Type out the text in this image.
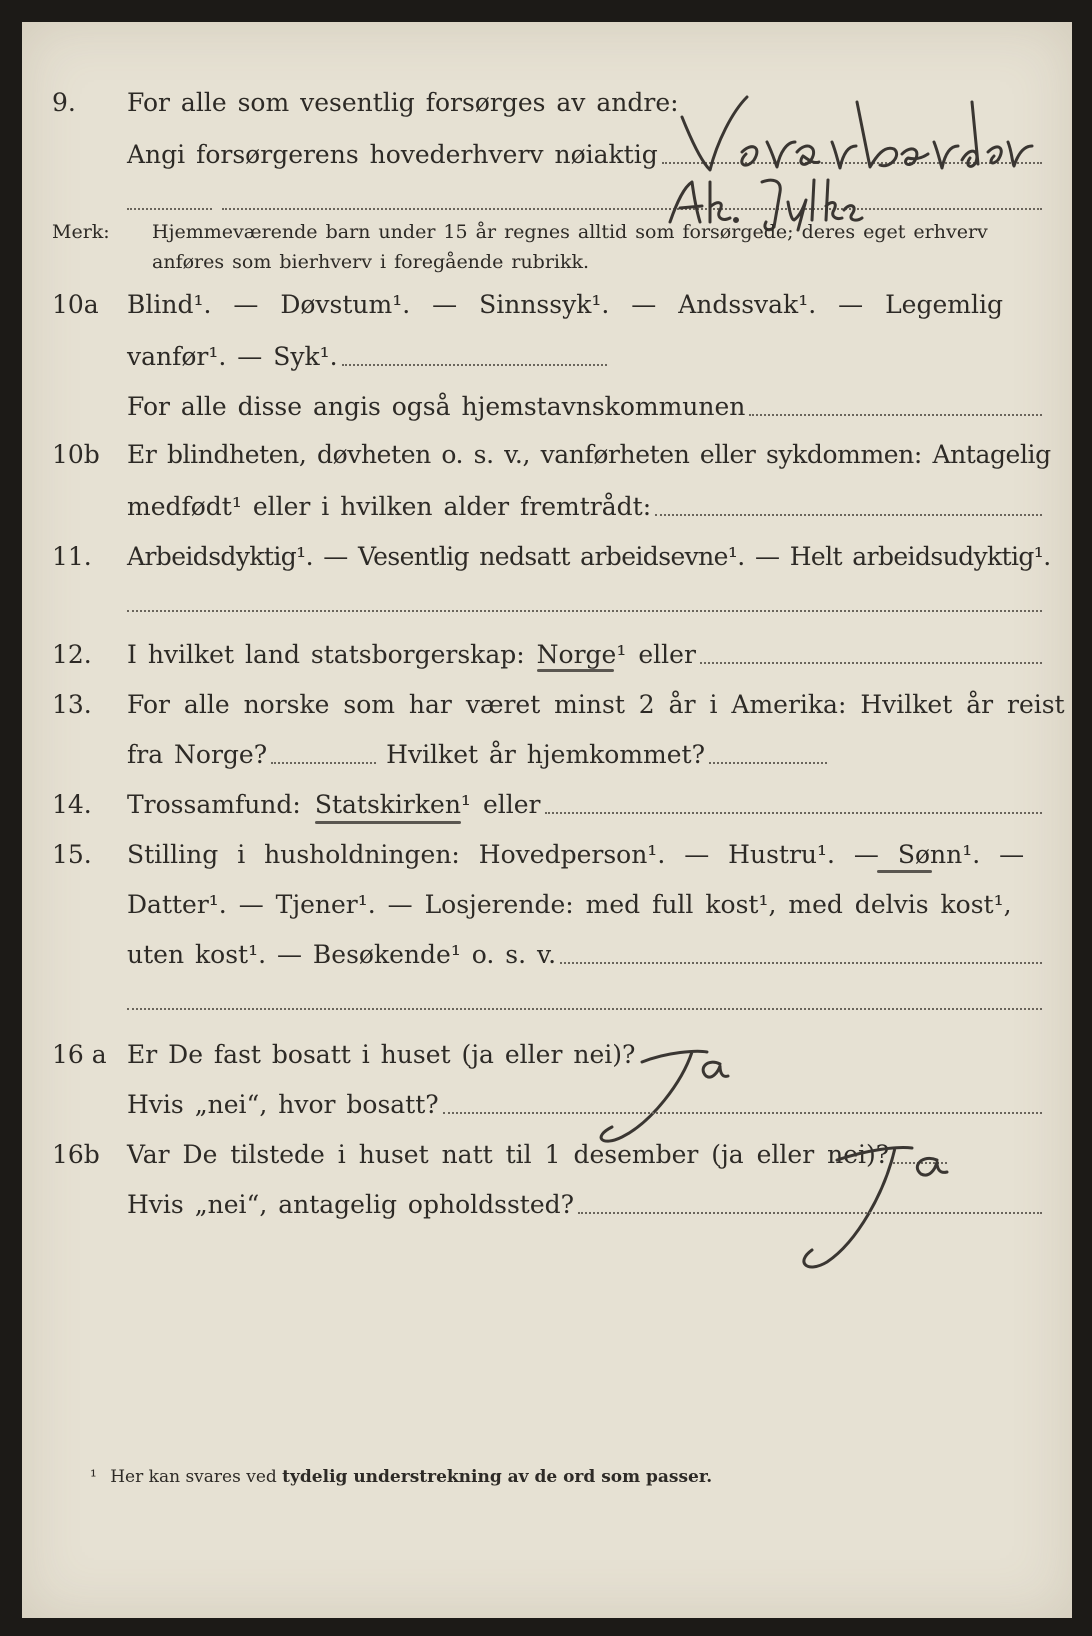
9. For alle som vesentlig forsørges av andre:
Angi forsørgerens hovederhverv nøiaktig
Merk: Hjemmeværende barn under 15 år regnes alltid som forsørgede; deres eget erhverv
anføres som bierhverv i foregående rubrikk.
10a Blind¹. — Døvstum¹. — Sinnssyk¹. — Andssvak¹. — Legemlig
vanfør¹. — Syk¹.
For alle disse angis også hjemstavnskommunen
10b Er blindheten, døvheten o. s. v., vanførheten eller sykdommen: Antagelig
medfødt¹ eller i hvilken alder fremtrådt:
11. Arbeidsdyktig¹. — Vesentlig nedsatt arbeidsevne¹. — Helt arbeidsudyktig¹.
12. I hvilket land statsborgerskap: Norge¹ eller
13. For alle norske som har været minst 2 år i Amerika: Hvilket år reist
fra Norge?	Hvilket år hjemkommet?
14. Trossamfund: Statskirken¹ eller
15. Stilling i husholdningen: Hovedperson¹. — Hustru¹. — Sønn¹. —
Datter¹. — Tjener¹. — Losjerende: med full kost¹, med delvis kost¹,
uten kost¹. — Besøkende¹ o. s. v.
16 a Er De fast bosatt i huset (ja eller nei)?
Hvis „nei“, hvor bosatt?
16b Var De tilstede i huset natt til 1 desember (ja eller nei)?
Hvis „nei“, antagelig opholdssted?
¹ Her kan svares ved tydelig understrekning av de ord som passer.
